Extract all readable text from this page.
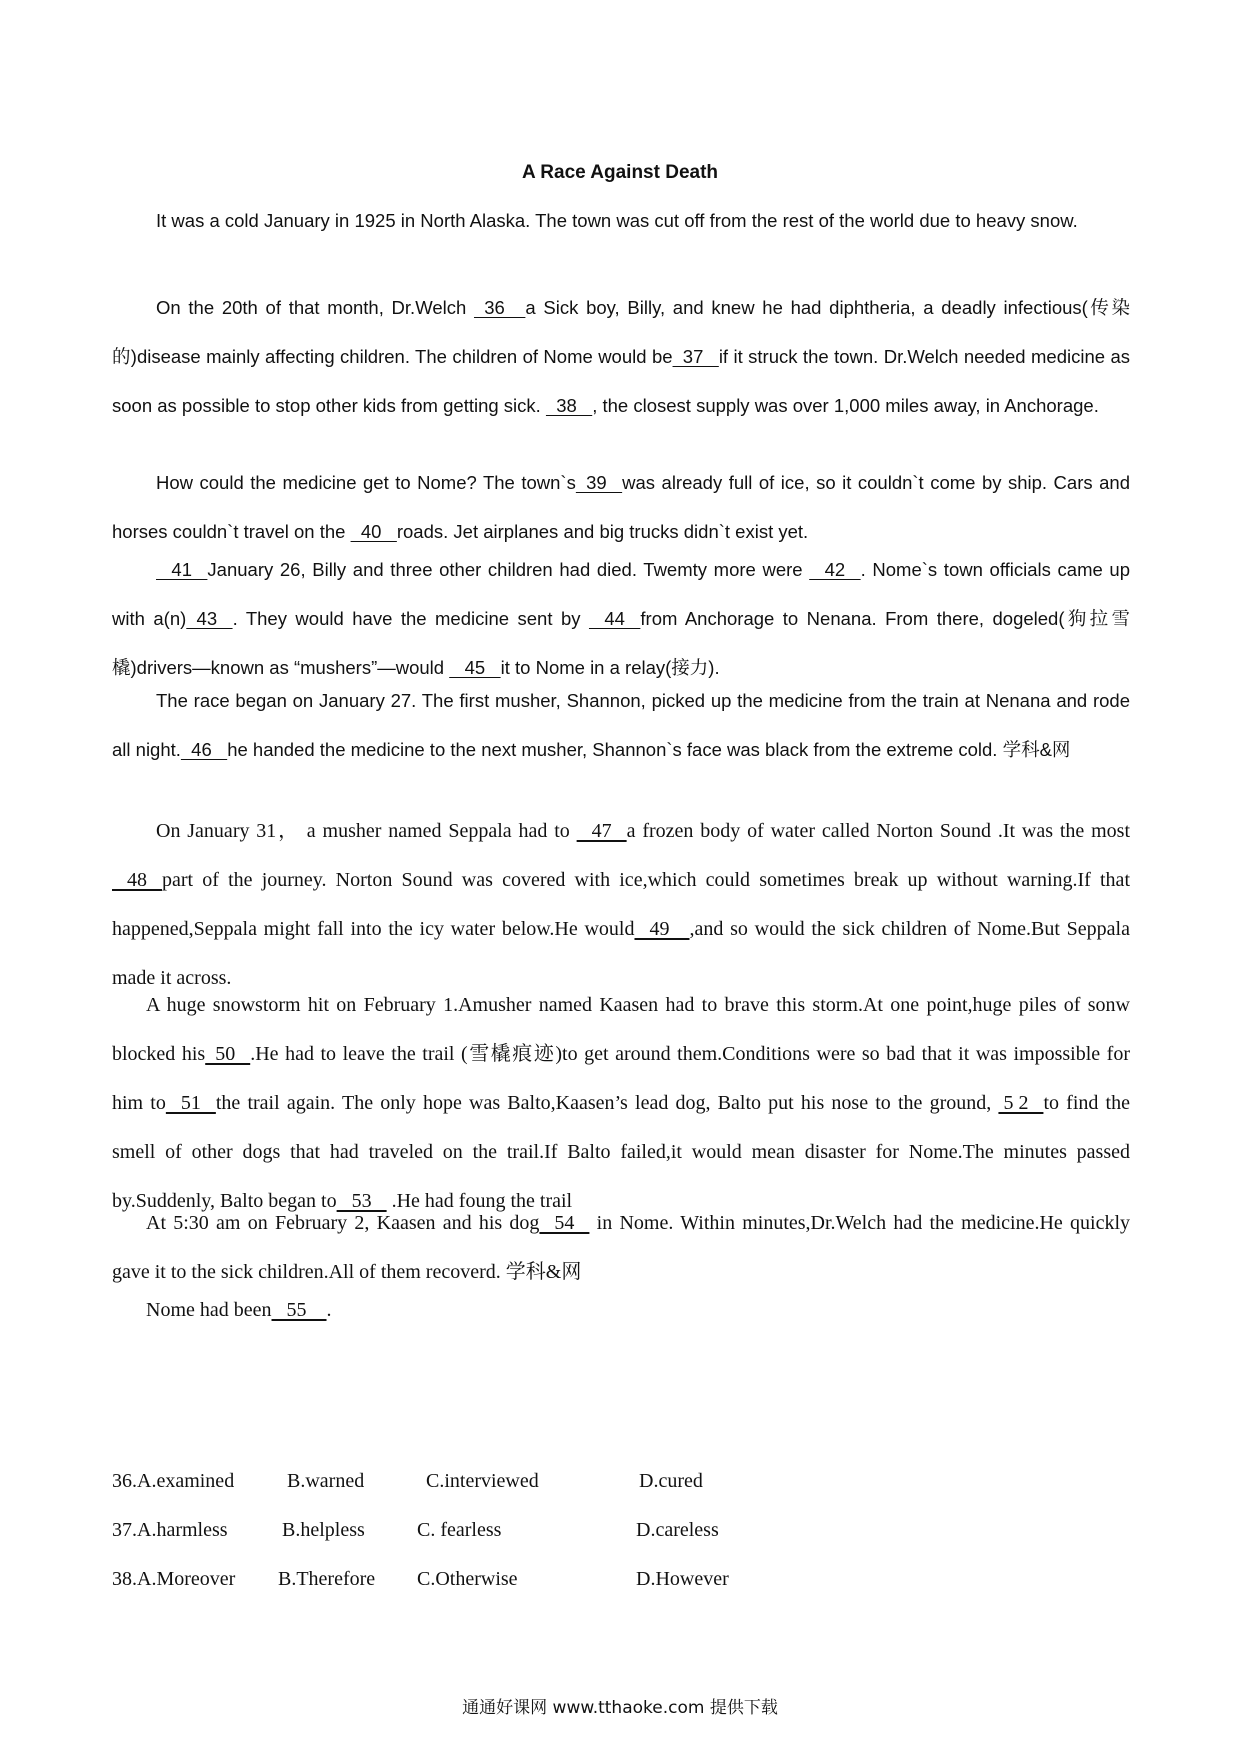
A Race Against Death

It was a cold January in 1925 in North Alaska. The town was cut off from the rest of the world due to heavy snow.

On the 20th of that month, Dr.Welch   36    a Sick boy, Billy, and knew he had diphtheria, a deadly infectious(传染的)disease mainly affecting children. The children of Nome would be  37   if it struck the town. Dr.Welch needed medicine as soon as possible to stop other kids from getting sick.   38   , the closest supply was over 1,000 miles away, in Anchorage.

How could the medicine get to Nome? The town`s  39   was already full of ice, so it couldn`t come by ship. Cars and horses couldn`t travel on the   40   roads. Jet airplanes and big trucks didn`t exist yet.

41   January 26, Billy and three other children had died. Twemty more were    42   . Nome`s town officials came up with a(n)  43   . They would have the medicine sent by    44   from Anchorage to Nenana. From there, dogeled(狗拉雪橇)drivers—known as “mushers”—would    45   it to Nome in a relay(接力).

The race began on January 27. The first musher, Shannon, picked up the medicine from the train at Nenana and rode all night.  46   he handed the medicine to the next musher, Shannon`s face was black from the extreme cold. 学科&网

On January 31， a musher named Seppala had to    47   a frozen body of water called Norton Sound .It was the most   48   part of the journey. Norton Sound was covered with ice,which could sometimes break up without warning.If that happened,Seppala might fall into the icy water below.He would   49    ,and so would the sick children of Nome.But Seppala made it across.

A huge snowstorm hit on February 1.Amusher named Kaasen had to brave this storm.At one point,huge piles of sonw blocked his  50   .He had to leave the trail (雪橇痕迹)to get around them.Conditions were so bad that it was impossible for him to   51   the trail again. The only hope was Balto,Kaasen’s lead dog, Balto put his nose to the ground,  5 2   to find the smell of other dogs that had traveled on the trail.If Balto failed,it would mean disaster for Nome.The minutes passed by.Suddenly, Balto began to   53    .He had foung the trail

At 5:30 am on February 2, Kaasen and his dog   54    in Nome. Within minutes,Dr.Welch had the medicine.He quickly gave it to the sick children.All of them recoverd. 学科&网

Nome had been   55    .

36.A.examined	B.warned	C.interviewed	D.cured
37.A.harmless	B.helpless	C. fearless	D.careless
38.A.Moreover B.Therefore C.Otherwise	D.However
通通好课网 www.tthaoke.com 提供下载
